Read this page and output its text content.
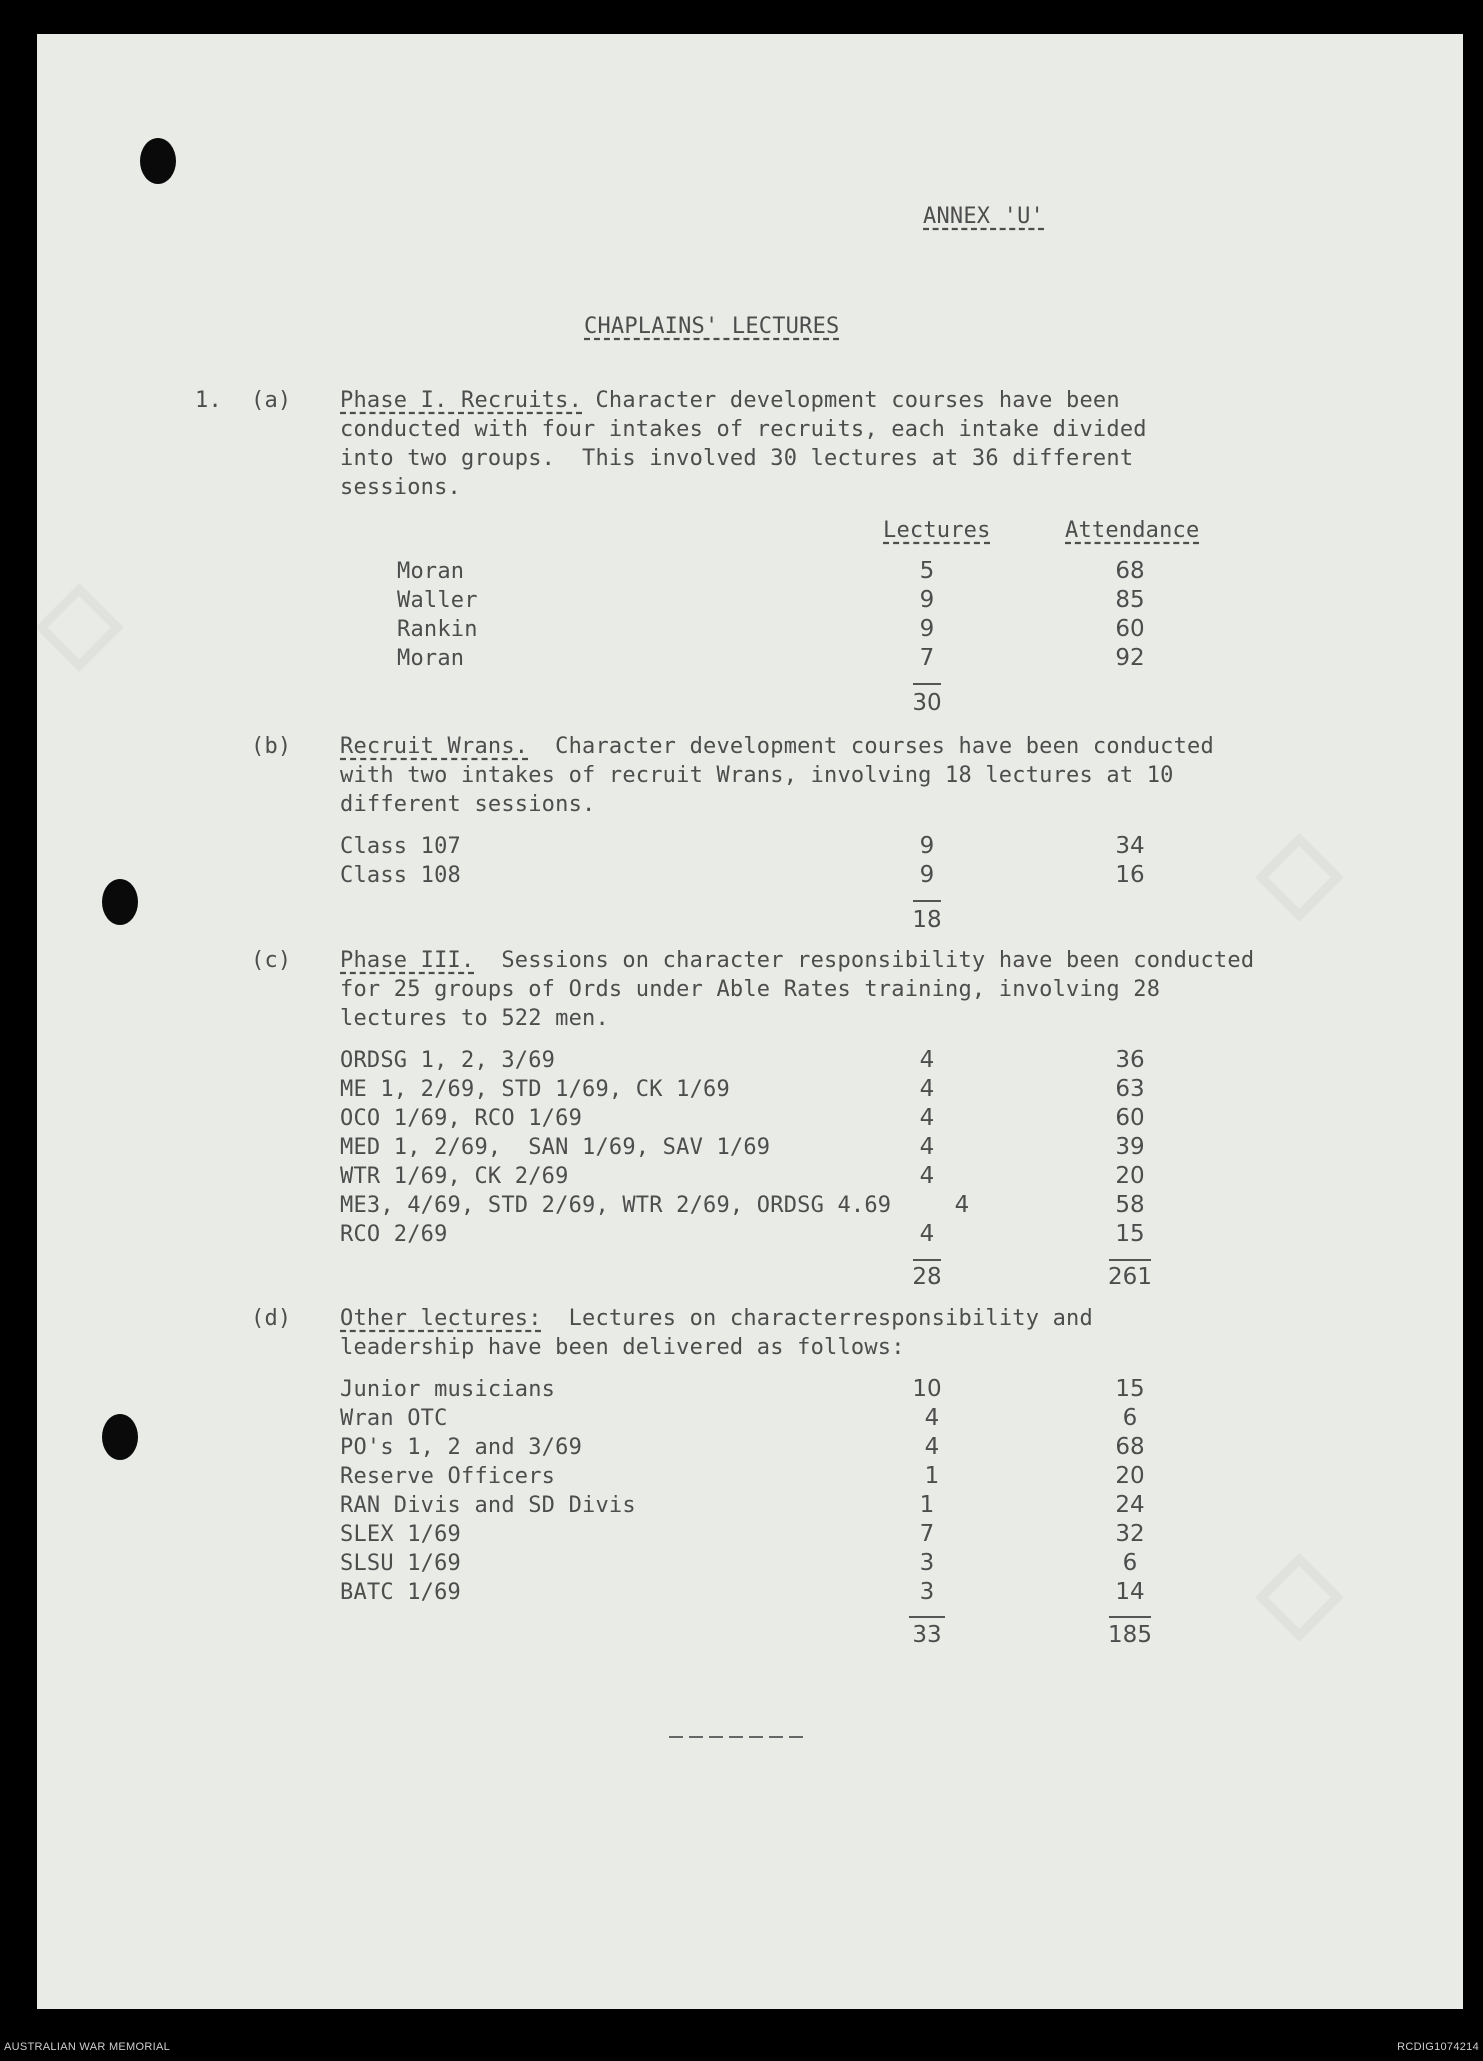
ANNEX 'U'
CHAPLAINS' LECTURES
1. (a) Phase I. Recruits. Character development courses have been
conducted with four intakes of recruits, each intake divided
into two groups.  This involved 30 lectures at 36 different
sessions.
Lectures	Attendance
Moran	5	68
Waller	9	85
Rankin	9	60
Moran	7	92
30
(b) Recruit Wrans.  Character development courses have been conducted
with two intakes of recruit Wrans, involving 18 lectures at 10
different sessions.
Class 107	9	34
Class 108	9	16
18
(c) Phase III.  Sessions on character responsibility have been conducted
for 25 groups of Ords under Able Rates training, involving 28
lectures to 522 men.
ORDSG 1, 2, 3/69	4	36
ME 1, 2/69, STD 1/69, CK 1/69	4	63
OCO 1/69, RCO 1/69	4	60
MED 1, 2/69,  SAN 1/69, SAV 1/69	4	39
WTR 1/69, CK 2/69	4	20
ME3, 4/69, STD 2/69, WTR 2/69, ORDSG 4.69	4	58
RCO 2/69	4	15
28	261
(d) Other lectures:  Lectures on characterresponsibility and
leadership have been delivered as follows:
Junior musicians	10	15
Wran OTC	4	6
PO's 1, 2 and 3/69	4	68
Reserve Officers	1	20
RAN Divis and SD Divis	1	24
SLEX 1/69	7	32
SLSU 1/69	3	6
BATC 1/69	3	14
33	185
AUSTRALIAN WAR MEMORIAL	RCDIG1074214
